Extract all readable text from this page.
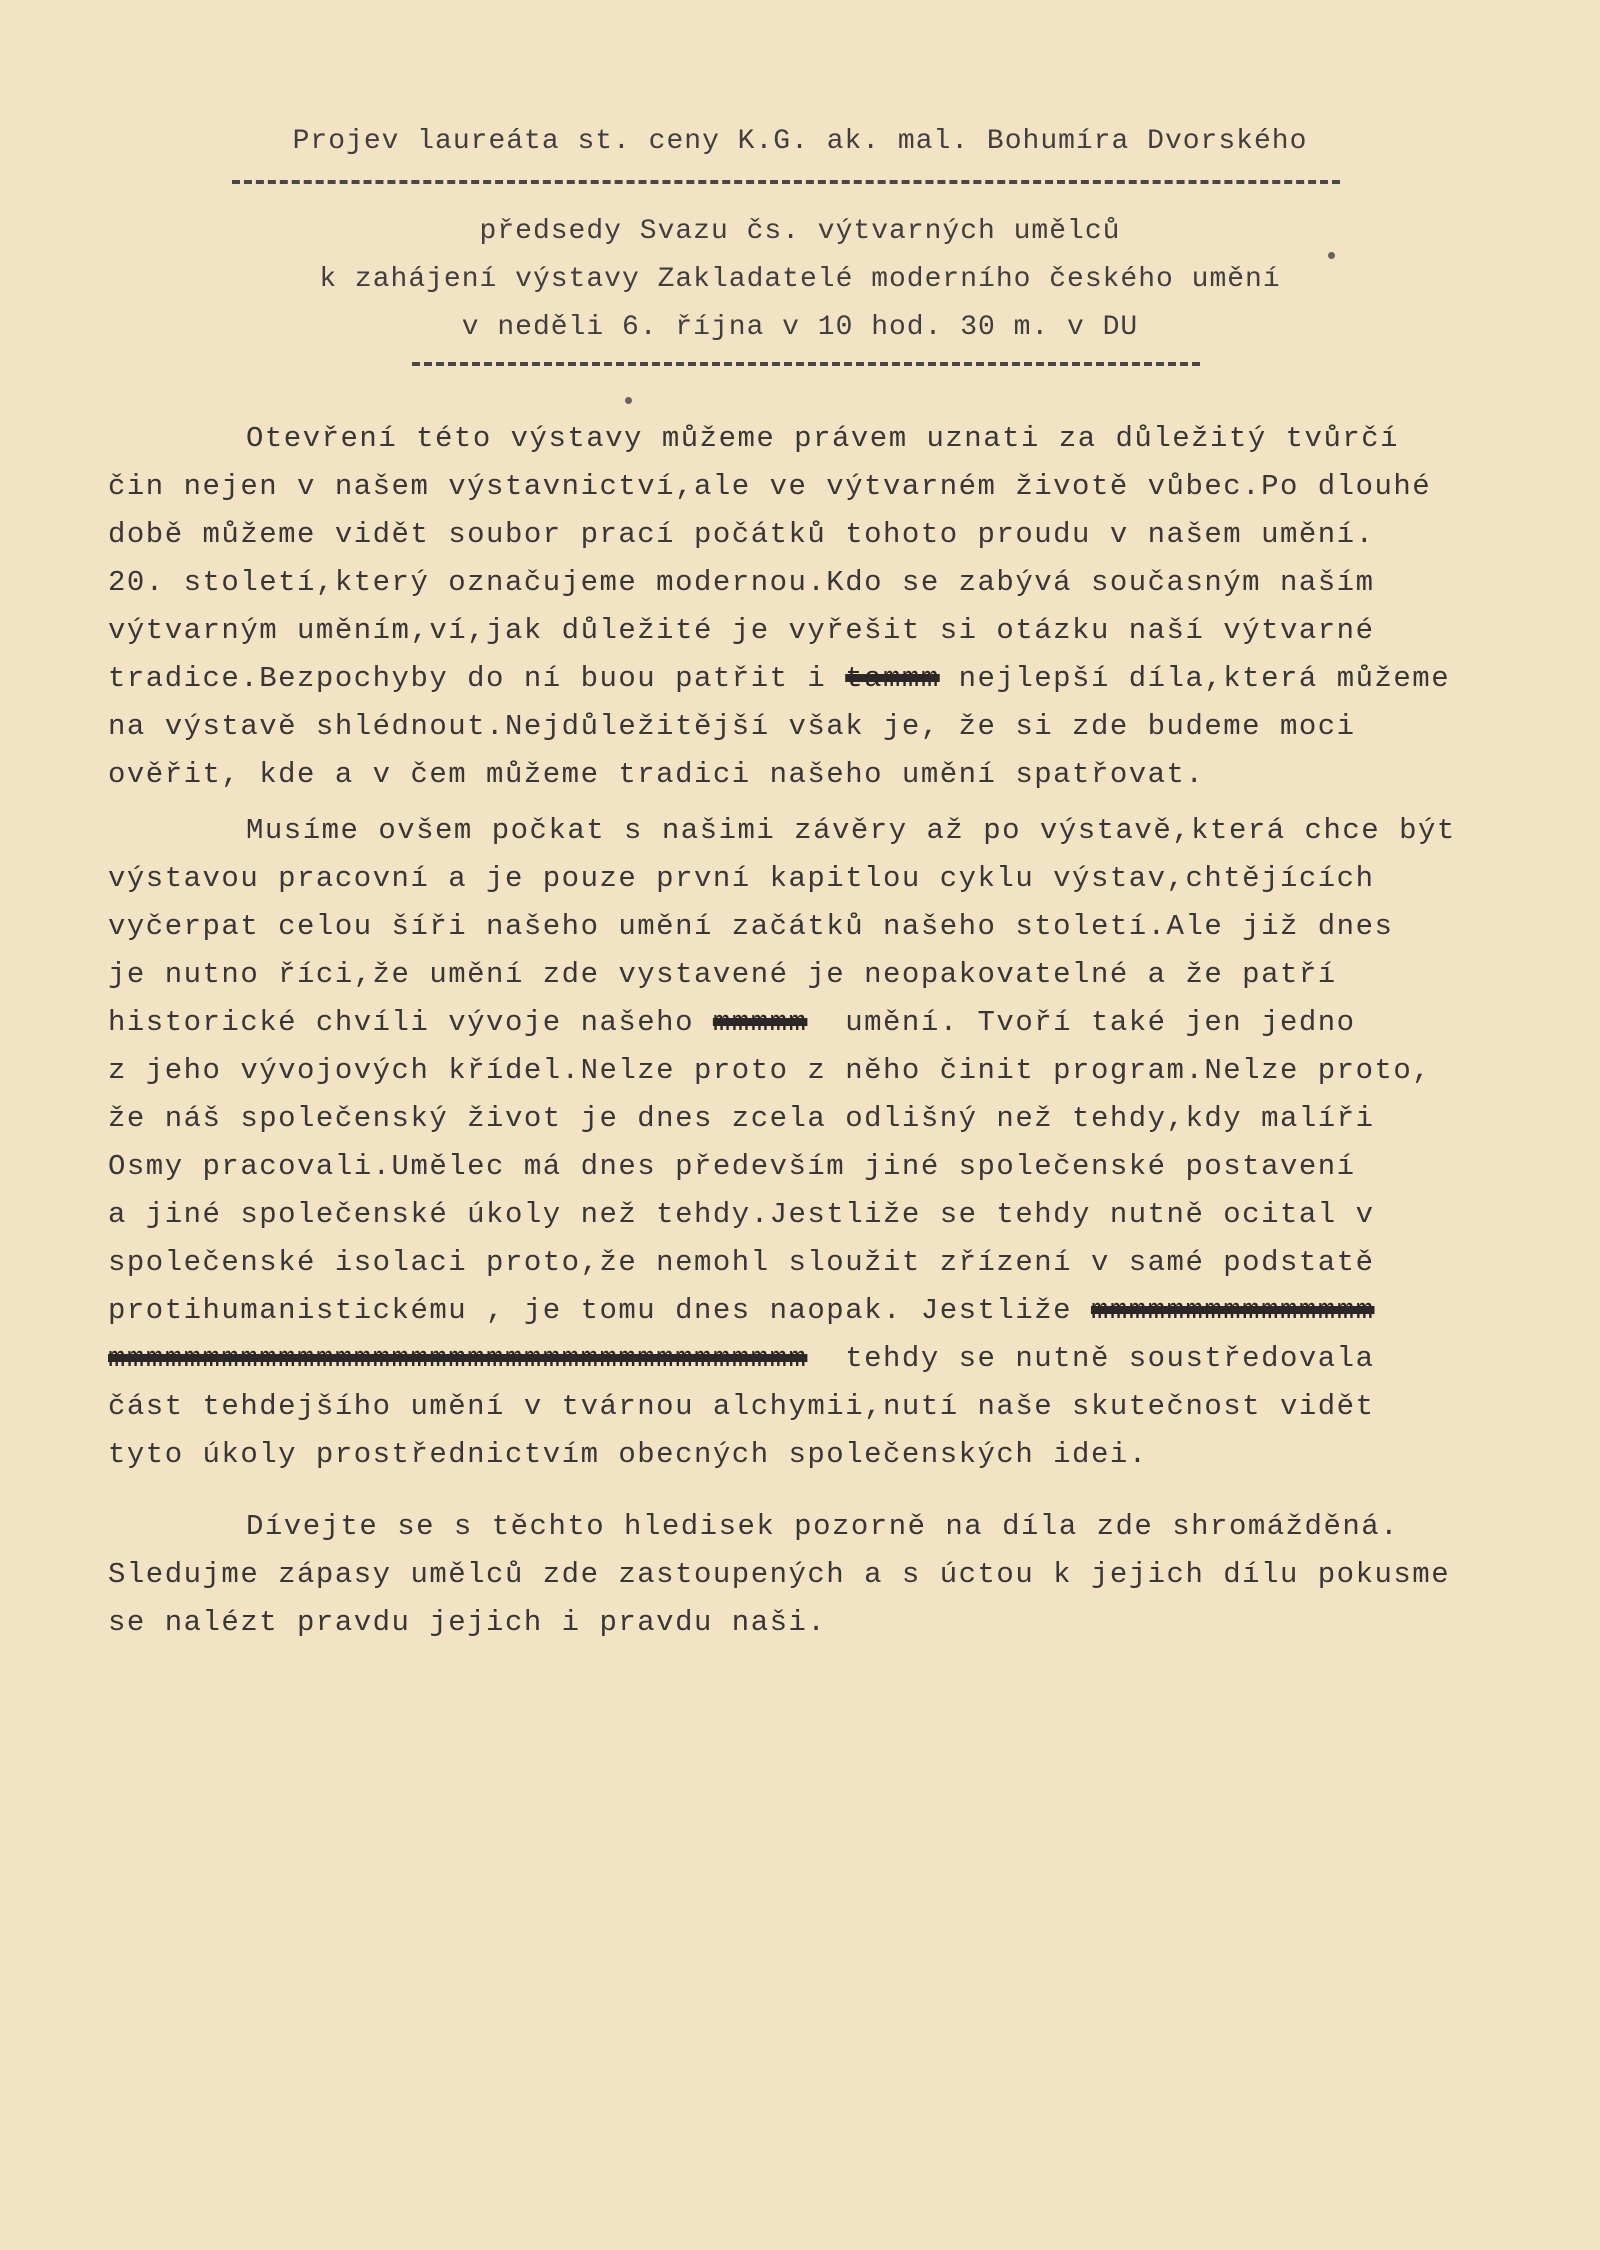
Projev laureáta st. ceny K.G. ak. mal. Bohumíra Dvorského
předsedy Svazu čs. výtvarných umělců
k zahájení výstavy Zakladatelé moderního českého umění
v neděli 6. října v 10 hod. 30 m. v DU
Otevření této výstavy můžeme právem uznati za důležitý tvůrčí
čin nejen v našem výstavnictví,ale ve výtvarném životě vůbec.Po dlouhé
době můžeme vidět soubor prací počátků tohoto proudu v našem umění.
20. století,který označujeme modernou.Kdo se zabývá současným naším
výtvarným uměním,ví,jak důležité je vyřešit si otázku naší výtvarné
tradice.Bezpochyby do ní buou patřit i tammm nejlepší díla,která můžeme
na výstavě shlédnout.Nejdůležitější však je, že si zde budeme moci
ověřit, kde a v čem můžeme tradici našeho umění spatřovat.
Musíme ovšem počkat s našimi závěry až po výstavě,která chce být
výstavou pracovní a je pouze první kapitlou cyklu výstav,chtějících
vyčerpat celou šíři našeho umění začátků našeho století.Ale již dnes
je nutno říci,že umění zde vystavené je neopakovatelné a že patří
historické chvíli vývoje našeho mmmmm  umění. Tvoří také jen jedno
z jeho vývojových křídel.Nelze proto z něho činit program.Nelze proto,
že náš společenský život je dnes zcela odlišný než tehdy,kdy malíři
Osmy pracovali.Umělec má dnes především jiné společenské postavení
a jiné společenské úkoly než tehdy.Jestliže se tehdy nutně ocital v
společenské isolaci proto,že nemohl sloužit zřízení v samé podstatě
protihumanistickému , je tomu dnes naopak. Jestliže mmmmmmmmmmmmmmm
mmmmmmmmmmmmmmmmmmmmmmmmmmmmmmmmmmmmm  tehdy se nutně soustředovala
část tehdejšího umění v tvárnou alchymii,nutí naše skutečnost vidět
tyto úkoly prostřednictvím obecných společenských idei.
Dívejte se s těchto hledisek pozorně na díla zde shromážděná.
Sledujme zápasy umělců zde zastoupených a s úctou k jejich dílu pokusme
se nalézt pravdu jejich i pravdu naši.
